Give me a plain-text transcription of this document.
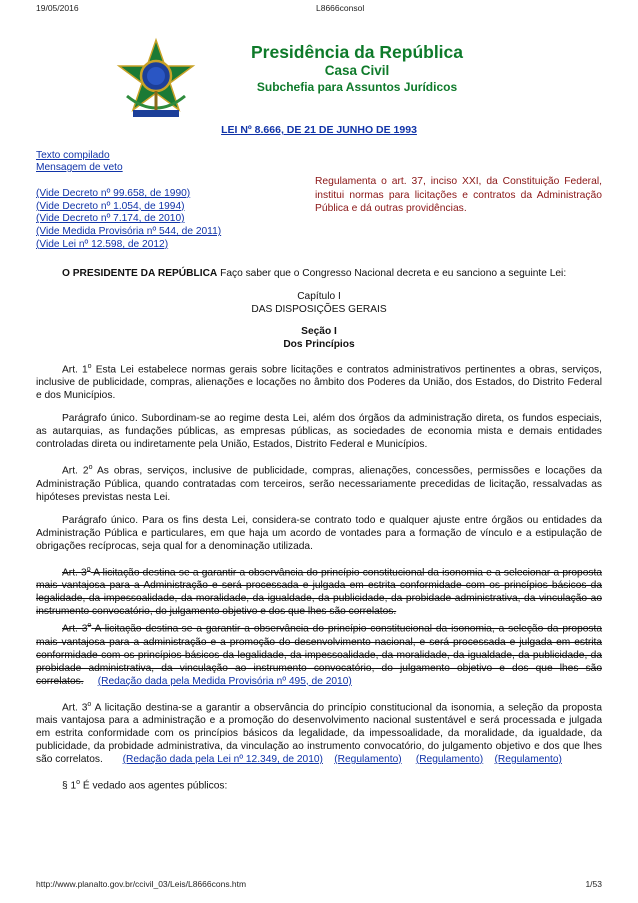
19/05/2016	L8666consol
Presidência da República
Casa Civil
Subchefia para Assuntos Jurídicos
LEI Nº 8.666, DE 21 DE JUNHO DE 1993
Texto compilado
Mensagem de veto
(Vide Decreto nº 99.658, de 1990)
(Vide Decreto nº 1.054, de 1994)
(Vide Decreto nº 7.174, de 2010)
(Vide Medida Provisória nº 544, de 2011)
(Vide Lei nº 12.598, de 2012)
Regulamenta o art. 37, inciso XXI, da Constituição Federal, institui normas para licitações e contratos da Administração Pública e dá outras providências.

O PRESIDENTE DA REPÚBLICA Faço saber que o Congresso Nacional decreta e eu sanciono a seguinte Lei:

Capítulo I
DAS DISPOSIÇÕES GERAIS
Seção I
Dos Princípios

Art. 1$^o$ Esta Lei estabelece normas gerais sobre licitações e contratos administrativos pertinentes a obras, serviços, inclusive de publicidade, compras, alienações e locações no âmbito dos Poderes da União, dos Estados, do Distrito Federal e dos Municípios.

Parágrafo único. Subordinam-se ao regime desta Lei, além dos órgãos da administração direta, os fundos especiais, as autarquias, as fundações públicas, as empresas públicas, as sociedades de economia mista e demais entidades controladas direta ou indiretamente pela União, Estados, Distrito Federal e Municípios.

Art. 2$^o$ As obras, serviços, inclusive de publicidade, compras, alienações, concessões, permissões e locações da Administração Pública, quando contratadas com terceiros, serão necessariamente precedidas de licitação, ressalvadas as hipóteses previstas nesta Lei.

Parágrafo único. Para os fins desta Lei, considera-se contrato todo e qualquer ajuste entre órgãos ou entidades da Administração Pública e particulares, em que haja um acordo de vontades para a formação de vínculo e a estipulação de obrigações recíprocas, seja qual for a denominação utilizada.

Art. 3$^o$ A licitação destina-se a garantir a observância do princípio constitucional da isonomia e a selecionar a proposta mais vantajosa para a Administração e será processada e julgada em estrita conformidade com os princípios básicos da legalidade, da impessoalidade, da moralidade, da igualdade, da publicidade, da probidade administrativa, da vinculação ao instrumento convocatório, do julgamento objetivo e dos que lhes são correlatos.

Art. 3$^o$ A licitação destina-se a garantir a observância do princípio constitucional da isonomia, a seleção da proposta mais vantajosa para a administração e a promoção do desenvolvimento nacional, e será processada e julgada em estrita conformidade com os princípios básicos da legalidade, da impessoalidade, da moralidade, da igualdade, da publicidade, da probidade administrativa, da vinculação ao instrumento convocatório, do julgamento objetivo e dos que lhes são correlatos. (Redação dada pela Medida Provisória nº 495, de 2010)

Art. 3$^o$ A licitação destina-se a garantir a observância do princípio constitucional da isonomia, a seleção da proposta mais vantajosa para a administração e a promoção do desenvolvimento nacional sustentável e será processada e julgada em estrita conformidade com os princípios básicos da legalidade, da impessoalidade, da moralidade, da igualdade, da publicidade, da probidade administrativa, da vinculação ao instrumento convocatório, do julgamento objetivo e dos que lhes são correlatos. (Redação dada pela Lei nº 12.349, de 2010) (Regulamento) (Regulamento) (Regulamento)

§ 1$^o$ É vedado aos agentes públicos:

http://www.planalto.gov.br/ccivil_03/Leis/L8666cons.htm	1/53
